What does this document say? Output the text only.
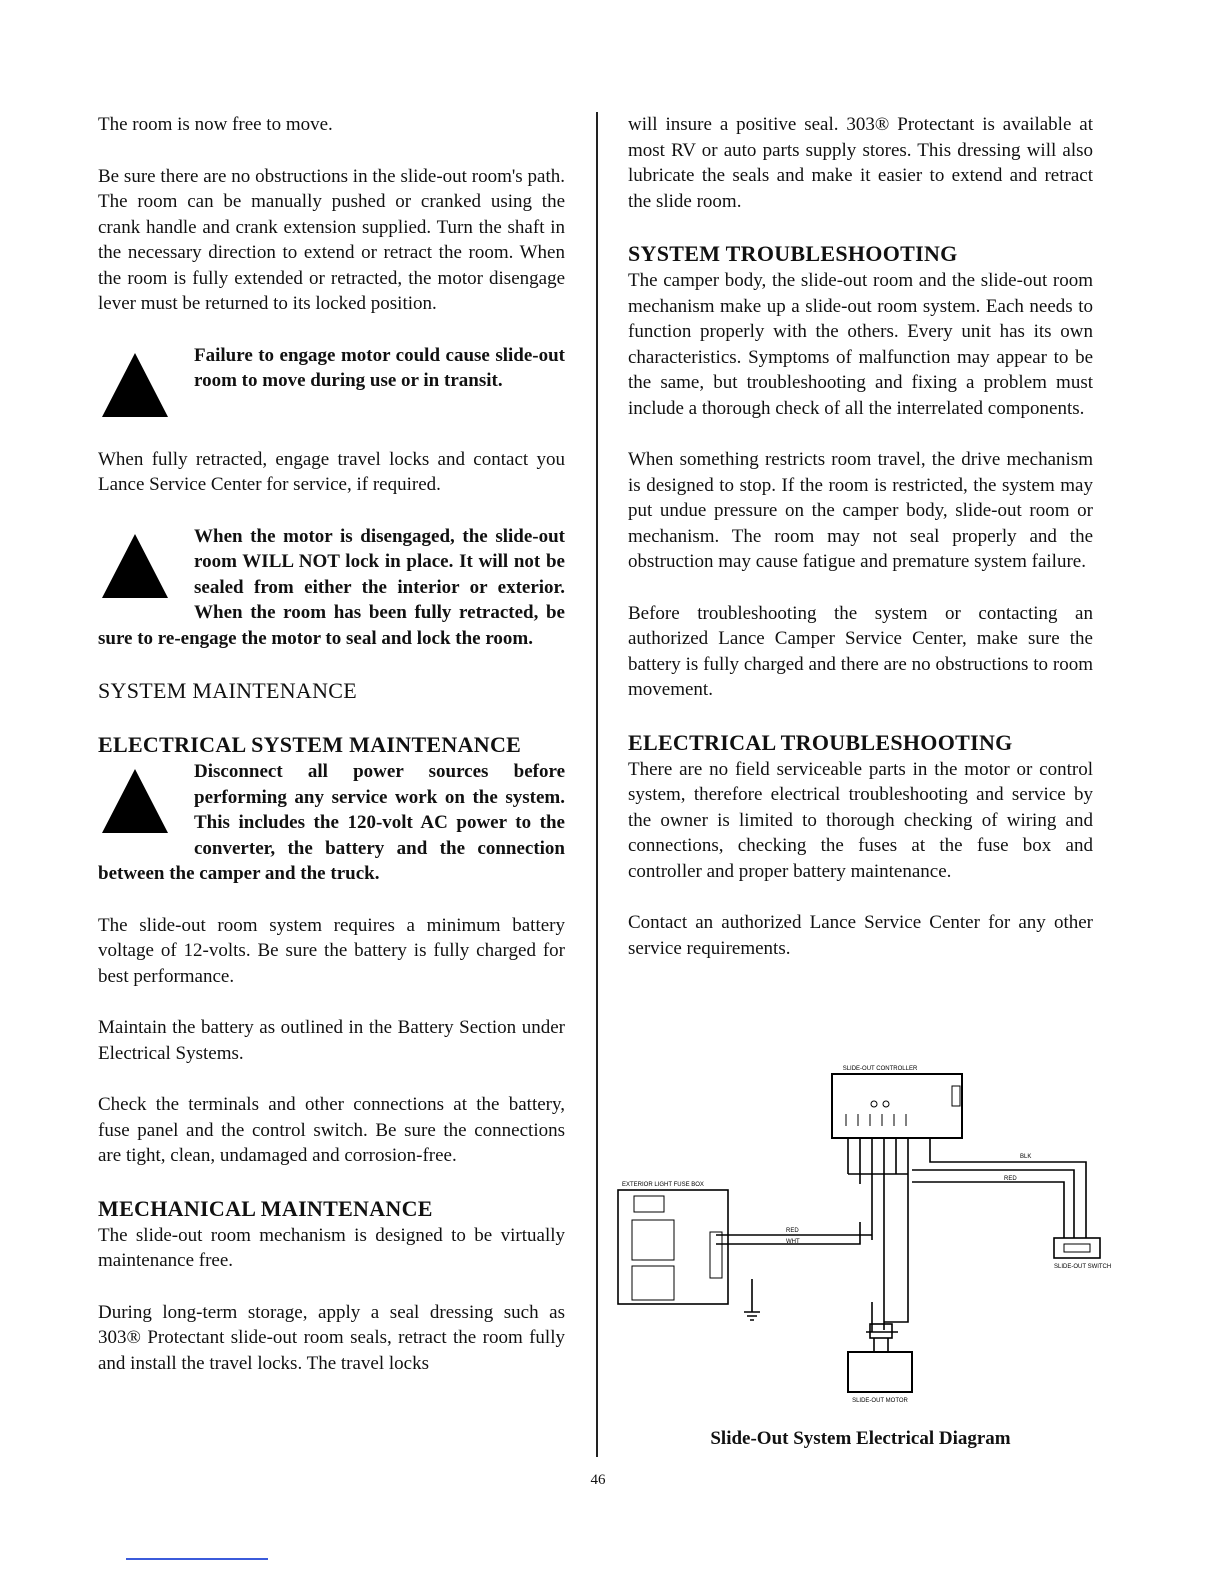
The room is now free to move.

Be sure there are no obstructions in the slide-out room's path. The room can be manually pushed or cranked using the crank handle and crank extension supplied. Turn the shaft in the necessary direction to extend or retract the room. When the room is fully extended or retracted, the motor disengage lever must be returned to its locked position.

Failure to engage motor could cause slide-out room to move during use or in transit.

When fully retracted, engage travel locks and contact you Lance Service Center for service, if required.

When the motor is disengaged, the slide-out room WILL NOT lock in place. It will not be sealed from either the interior or exterior. When the room has been fully retracted, be sure to re-engage the motor to seal and lock the room.
SYSTEM MAINTENANCE
ELECTRICAL SYSTEM MAINTENANCE
Disconnect all power sources before performing any service work on the system. This includes the 120-volt AC power to the converter, the battery and the connection between the camper and the truck.

The slide-out room system requires a minimum battery voltage of 12-volts. Be sure the battery is fully charged for best performance.

Maintain the battery as outlined in the Battery Section under Electrical Systems.

Check the terminals and other connections at the battery, fuse panel and the control switch. Be sure the connections are tight, clean, undamaged and corrosion-free.

MECHANICAL MAINTENANCE

The slide-out room mechanism is designed to be virtually maintenance free.

During long-term storage, apply a seal dressing such as 303® Protectant slide-out room seals, retract the room fully and install the travel locks. The travel locks

will insure a positive seal. 303® Protectant is available at most RV or auto parts supply stores. This dressing will also lubricate the seals and make it easier to extend and retract the slide room.

SYSTEM TROUBLESHOOTING

The camper body, the slide-out room and the slide-out room mechanism make up a slide-out room system. Each needs to function properly with the others. Every unit has its own characteristics. Symptoms of malfunction may appear to be the same, but troubleshooting and fixing a problem must include a thorough check of all the interrelated components.

When something restricts room travel, the drive mechanism is designed to stop. If the room is restricted, the system may put undue pressure on the camper body, slide-out room or mechanism. The room may not seal properly and the obstruction may cause fatigue and premature system failure.

Before troubleshooting the system or contacting an authorized Lance Camper Service Center, make sure the battery is fully charged and there are no obstructions to room movement.

ELECTRICAL TROUBLESHOOTING

There are no field serviceable parts in the motor or control system, therefore electrical troubleshooting and service by the owner is limited to thorough checking of wiring and connections, checking the fuses at the fuse box and controller and proper battery maintenance.

Contact an authorized Lance Service Center for any other service requirements.

SLIDE-OUT CONTROLLER
RED
WHT
BLK
RED
EXTERIOR LIGHT FUSE BOX
SLIDE-OUT SWITCH
SLIDE-OUT MOTOR
Slide-Out System Electrical Diagram
46
